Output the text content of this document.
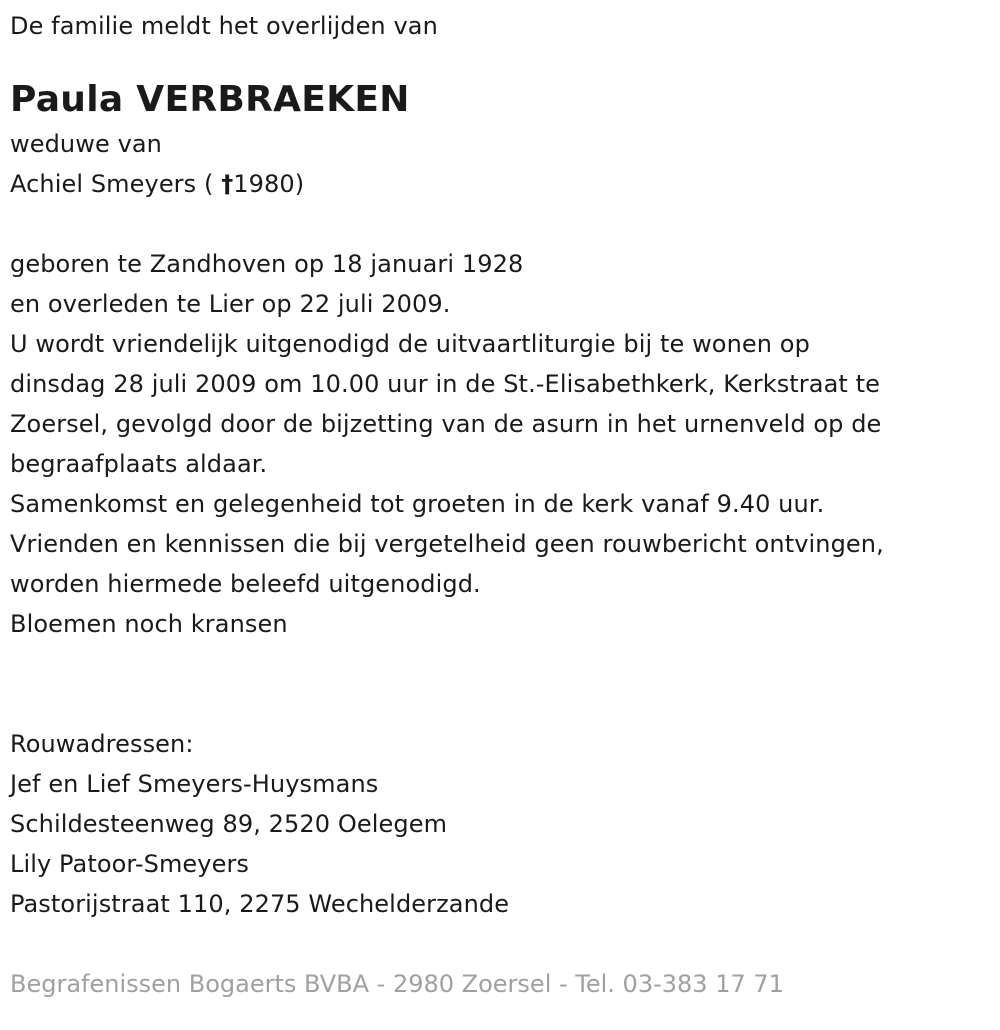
De familie meldt het overlijden van
Paula VERBRAEKEN
weduwe van
Achiel Smeyers ( †1980)
geboren te Zandhoven op 18 januari 1928
en overleden te Lier op 22 juli 2009.
U wordt vriendelijk uitgenodigd de uitvaartliturgie bij te wonen op
dinsdag 28 juli 2009 om 10.00 uur in de St.-Elisabethkerk, Kerkstraat te
Zoersel, gevolgd door de bijzetting van de asurn in het urnenveld op de
begraafplaats aldaar.
Samenkomst en gelegenheid tot groeten in de kerk vanaf 9.40 uur.
Vrienden en kennissen die bij vergetelheid geen rouwbericht ontvingen,
worden hiermede beleefd uitgenodigd.
Bloemen noch kransen
Rouwadressen:
Jef en Lief Smeyers-Huysmans
Schildesteenweg 89, 2520 Oelegem
Lily Patoor-Smeyers
Pastorijstraat 110, 2275 Wechelderzande
Begrafenissen Bogaerts BVBA - 2980 Zoersel - Tel. 03-383 17 71
